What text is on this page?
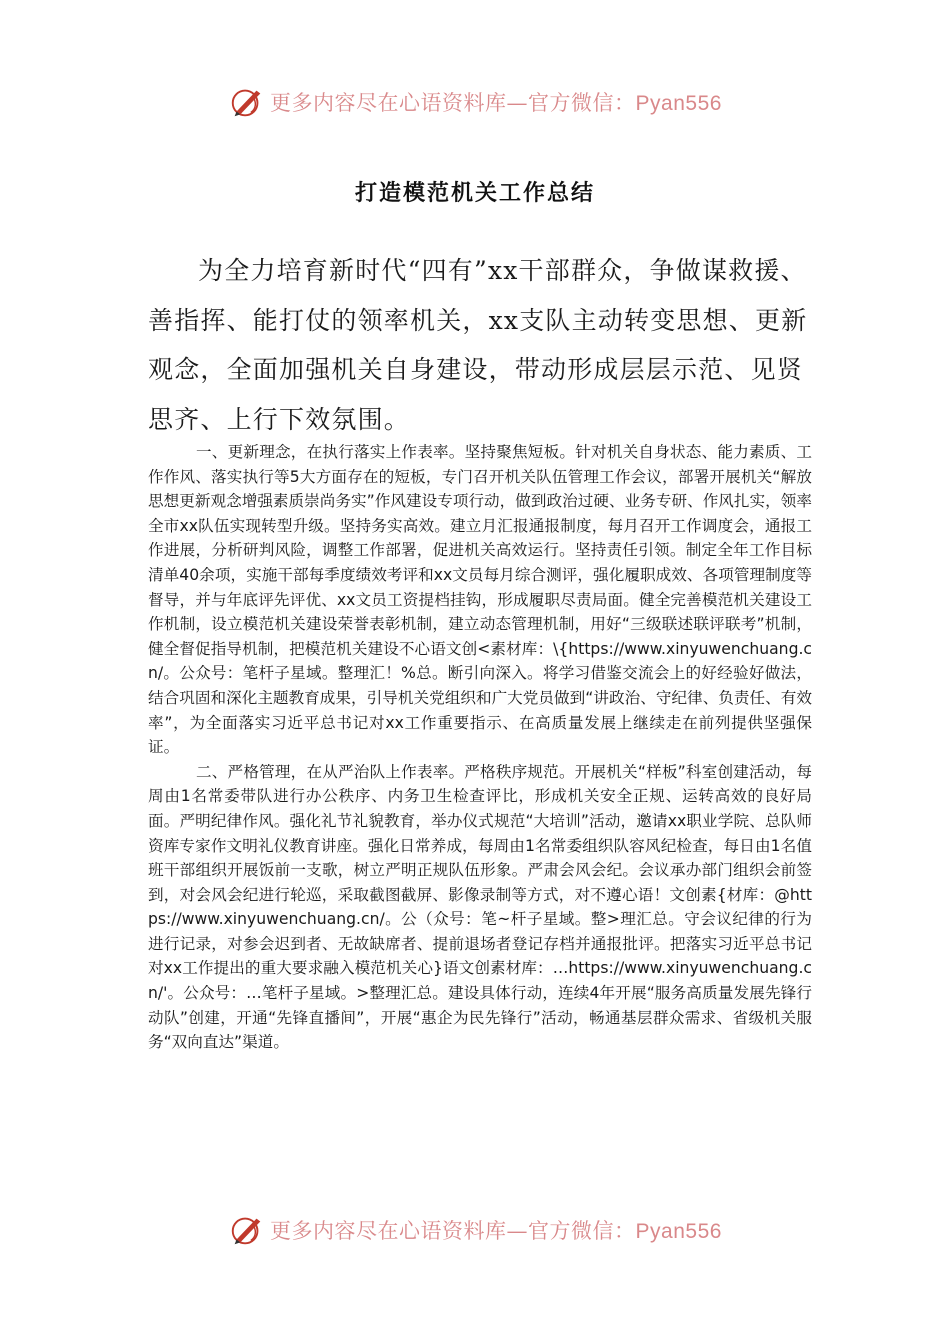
更多内容尽在心语资料库—官方微信：Pyan556
打造模范机关工作总结

为全力培育新时代“四有”xx干部群众，争做谋救援、善指挥、能打仗的领率机关，xx支队主动转变思想、更新观念，全面加强机关自身建设，带动形成层层示范、见贤思齐、上行下效氛围。

一、更新理念，在执行落实上作表率。坚持聚焦短板。针对机关自身状态、能力素质、工作作风、落实执行等5大方面存在的短板，专门召开机关队伍管理工作会议，部署开展机关“解放思想更新观念增强素质崇尚务实”作风建设专项行动，做到政治过硬、业务专研、作风扎实，领率全市xx队伍实现转型升级。坚持务实高效。建立月汇报通报制度，每月召开工作调度会，通报工作进展，分析研判风险，调整工作部署，促进机关高效运行。坚持责任引领。制定全年工作目标清单40余项，实施干部每季度绩效考评和xx文员每月综合测评，强化履职成效、各项管理制度等督导，并与年底评先评优、xx文员工资提档挂钩，形成履职尽责局面。健全完善模范机关建设工作机制，设立模范机关建设荣誉表彰机制，建立动态管理机制，用好“三级联述联评联考”机制，健全督促指导机制，把模范机关建设不心语文创<素材库：\{https://www.xinyuwenchuang.cn/。公众号：笔杆子星域。整理汇！%总。断引向深入。将学习借鉴交流会上的好经验好做法，结合巩固和深化主题教育成果，引导机关党组织和广大党员做到“讲政治、守纪律、负责任、有效率”，为全面落实习近平总书记对xx工作重要指示、在高质量发展上继续走在前列提供坚强保证。

二、严格管理，在从严治队上作表率。严格秩序规范。开展机关“样板”科室创建活动，每周由1名常委带队进行办公秩序、内务卫生检查评比，形成机关安全正规、运转高效的良好局面。严明纪律作风。强化礼节礼貌教育，举办仪式规范“大培训”活动，邀请xx职业学院、总队师资库专家作文明礼仪教育讲座。强化日常养成，每周由1名常委组织队容风纪检查，每日由1名值班干部组织开展饭前一支歌，树立严明正规队伍形象。严肃会风会纪。会议承办部门组织会前签到，对会风会纪进行轮巡，采取截图截屏、影像录制等方式，对不遵心语！文创素{材库：@https://www.xinyuwenchuang.cn/。公（众号：笔~杆子星域。整>理汇总。守会议纪律的行为进行记录，对参会迟到者、无故缺席者、提前退场者登记存档并通报批评。把落实习近平总书记对xx工作提出的重大要求融入模范机关心}语文创素材库：…https://www.xinyuwenchuang.cn/'。公众号：…笔杆子星域。>整理汇总。建设具体行动，连续4年开展“服务高质量发展先锋行动队”创建，开通“先锋直播间”，开展“惠企为民先锋行”活动，畅通基层群众需求、省级机关服务“双向直达”渠道。

更多内容尽在心语资料库—官方微信：Pyan556
